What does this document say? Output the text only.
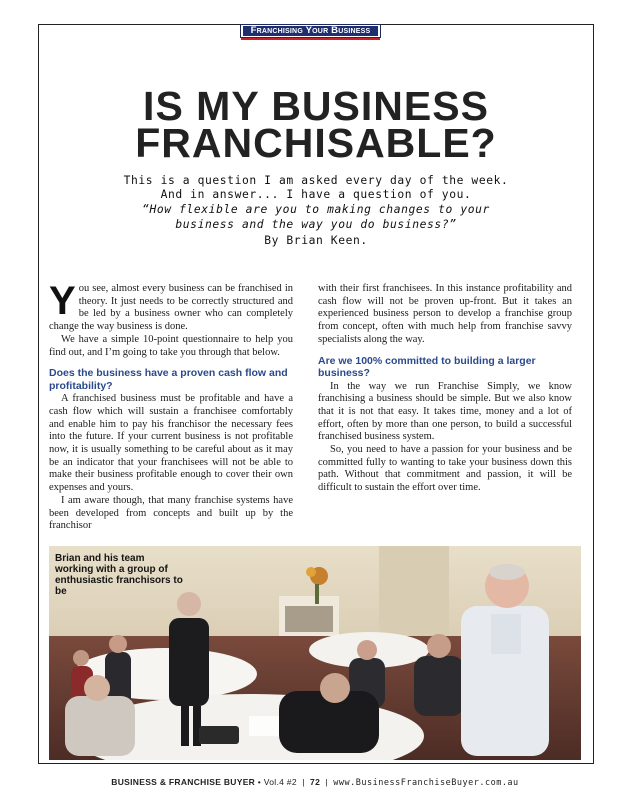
Franchising Your Business
IS MY BUSINESS
FRANCHISABLE?
This is a question I am asked every day of the week.
And in answer... I have a question of you.
“How flexible are you to making changes to your
business and the way you do business?”
By Brian Keen.

You see, almost every business can be franchised in theory. It just needs to be correctly structured and be led by a business owner who can completely change the way business is done.

We have a simple 10-point questionnaire to help you find out, and I’m going to take you through that below.

Does the business have a proven cash flow and profitability?

A franchised business must be profitable and have a cash flow which will sustain a franchisee comfortably and enable him to pay his franchisor the necessary fees into the future. If your current business is not profitable now, it is usually something to be careful about as it may be an indicator that your franchisees will not be able to make their business profitable enough to cover their own expenses and yours.

I am aware though, that many franchise systems have been developed from concepts and built up by the franchisor

with their first franchisees. In this instance profitability and cash flow will not be proven up-front. But it takes an experienced business person to develop a franchise group from concept, often with much help from franchise savvy specialists along the way.

Are we 100% committed to building a larger business?

In the way we run Franchise Simply, we know franchising a business should be simple. But we also know that it is not that easy. It takes time, money and a lot of effort, often by more than one person, to build a successful franchised business system.

So, you need to have a passion for your business and be committed fully to wanting to take your business down this path. Without that commitment and passion, it will be difficult to sustain the effort over time.

Brian and his team working with a group of enthusiastic franchisors to be
BUSINESS & FRANCHISE BUYER • Vol.4 #2  |  72  |  www.BusinessFranchiseBuyer.com.au
